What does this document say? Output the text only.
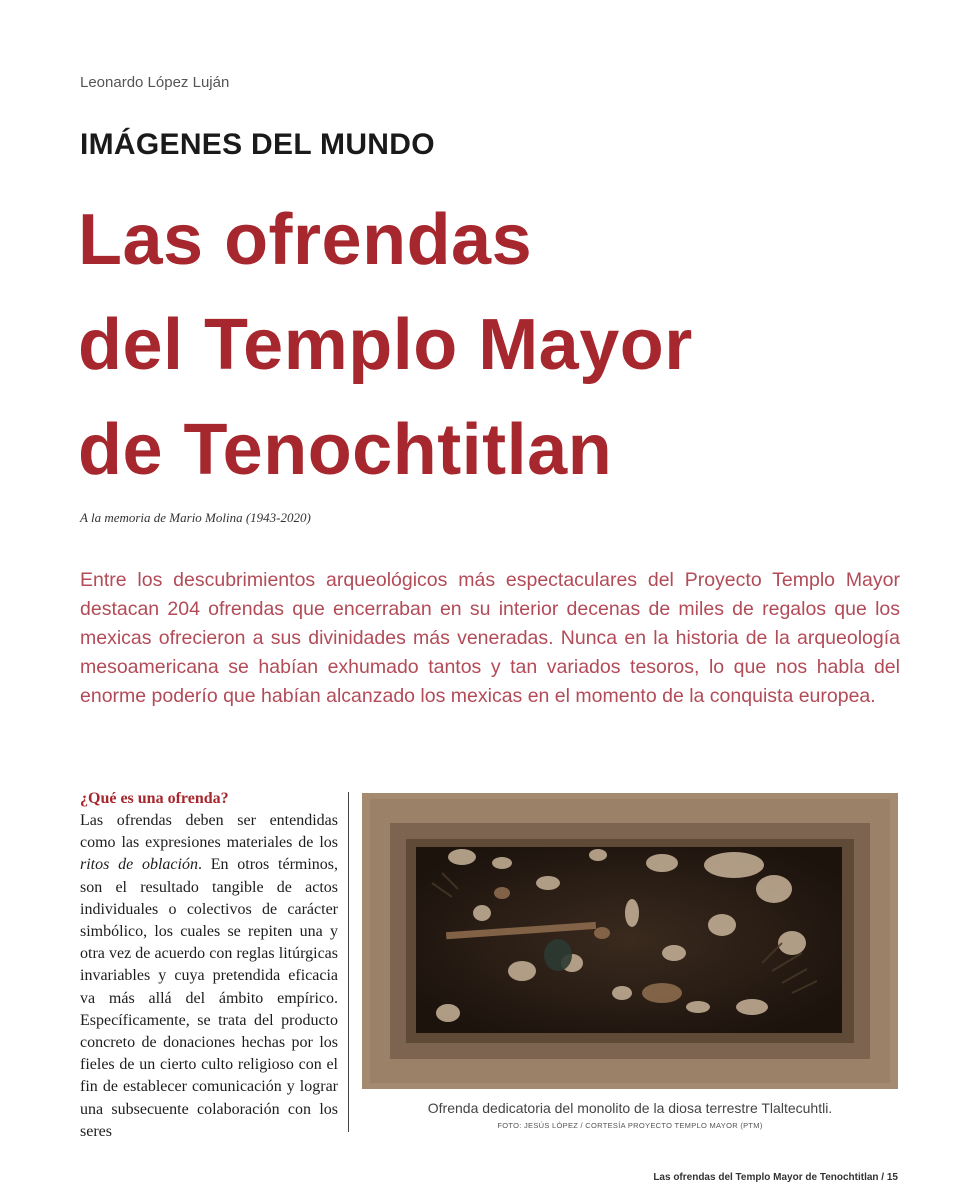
Leonardo López Luján
IMÁGENES DEL MUNDO
Las ofrendas
del Templo Mayor
de Tenochtitlan
A la memoria de Mario Molina (1943-2020)

Entre los descubrimientos arqueológicos más espectaculares del Proyecto Templo Mayor destacan 204 ofrendas que encerraban en su interior decenas de miles de regalos que los mexicas ofrecieron a sus divinidades más veneradas. Nunca en la historia de la arqueología mesoamericana se habían exhumado tantos y tan variados tesoros, lo que nos habla del enorme poderío que habían alcanzado los mexicas en el momento de la conquista europea.

¿Qué es una ofrenda?

Las ofrendas deben ser entendidas como las expresiones materiales de los ritos de oblación. En otros términos, son el resultado tangible de actos individuales o colectivos de carácter simbólico, los cuales se repiten una y otra vez de acuerdo con reglas litúrgicas invariables y cuya pretendida eficacia va más allá del ámbito empírico. Específicamente, se trata del producto concreto de donaciones hechas por los fieles de un cierto culto religioso con el fin de establecer comunicación y lograr una subsecuente colaboración con los seres

Ofrenda dedicatoria del monolito de la diosa terrestre Tlaltecuhtli.
FOTO: JESÚS LÓPEZ / CORTESÍA PROYECTO TEMPLO MAYOR (PTM)
Las ofrendas del Templo Mayor de Tenochtitlan / 15
